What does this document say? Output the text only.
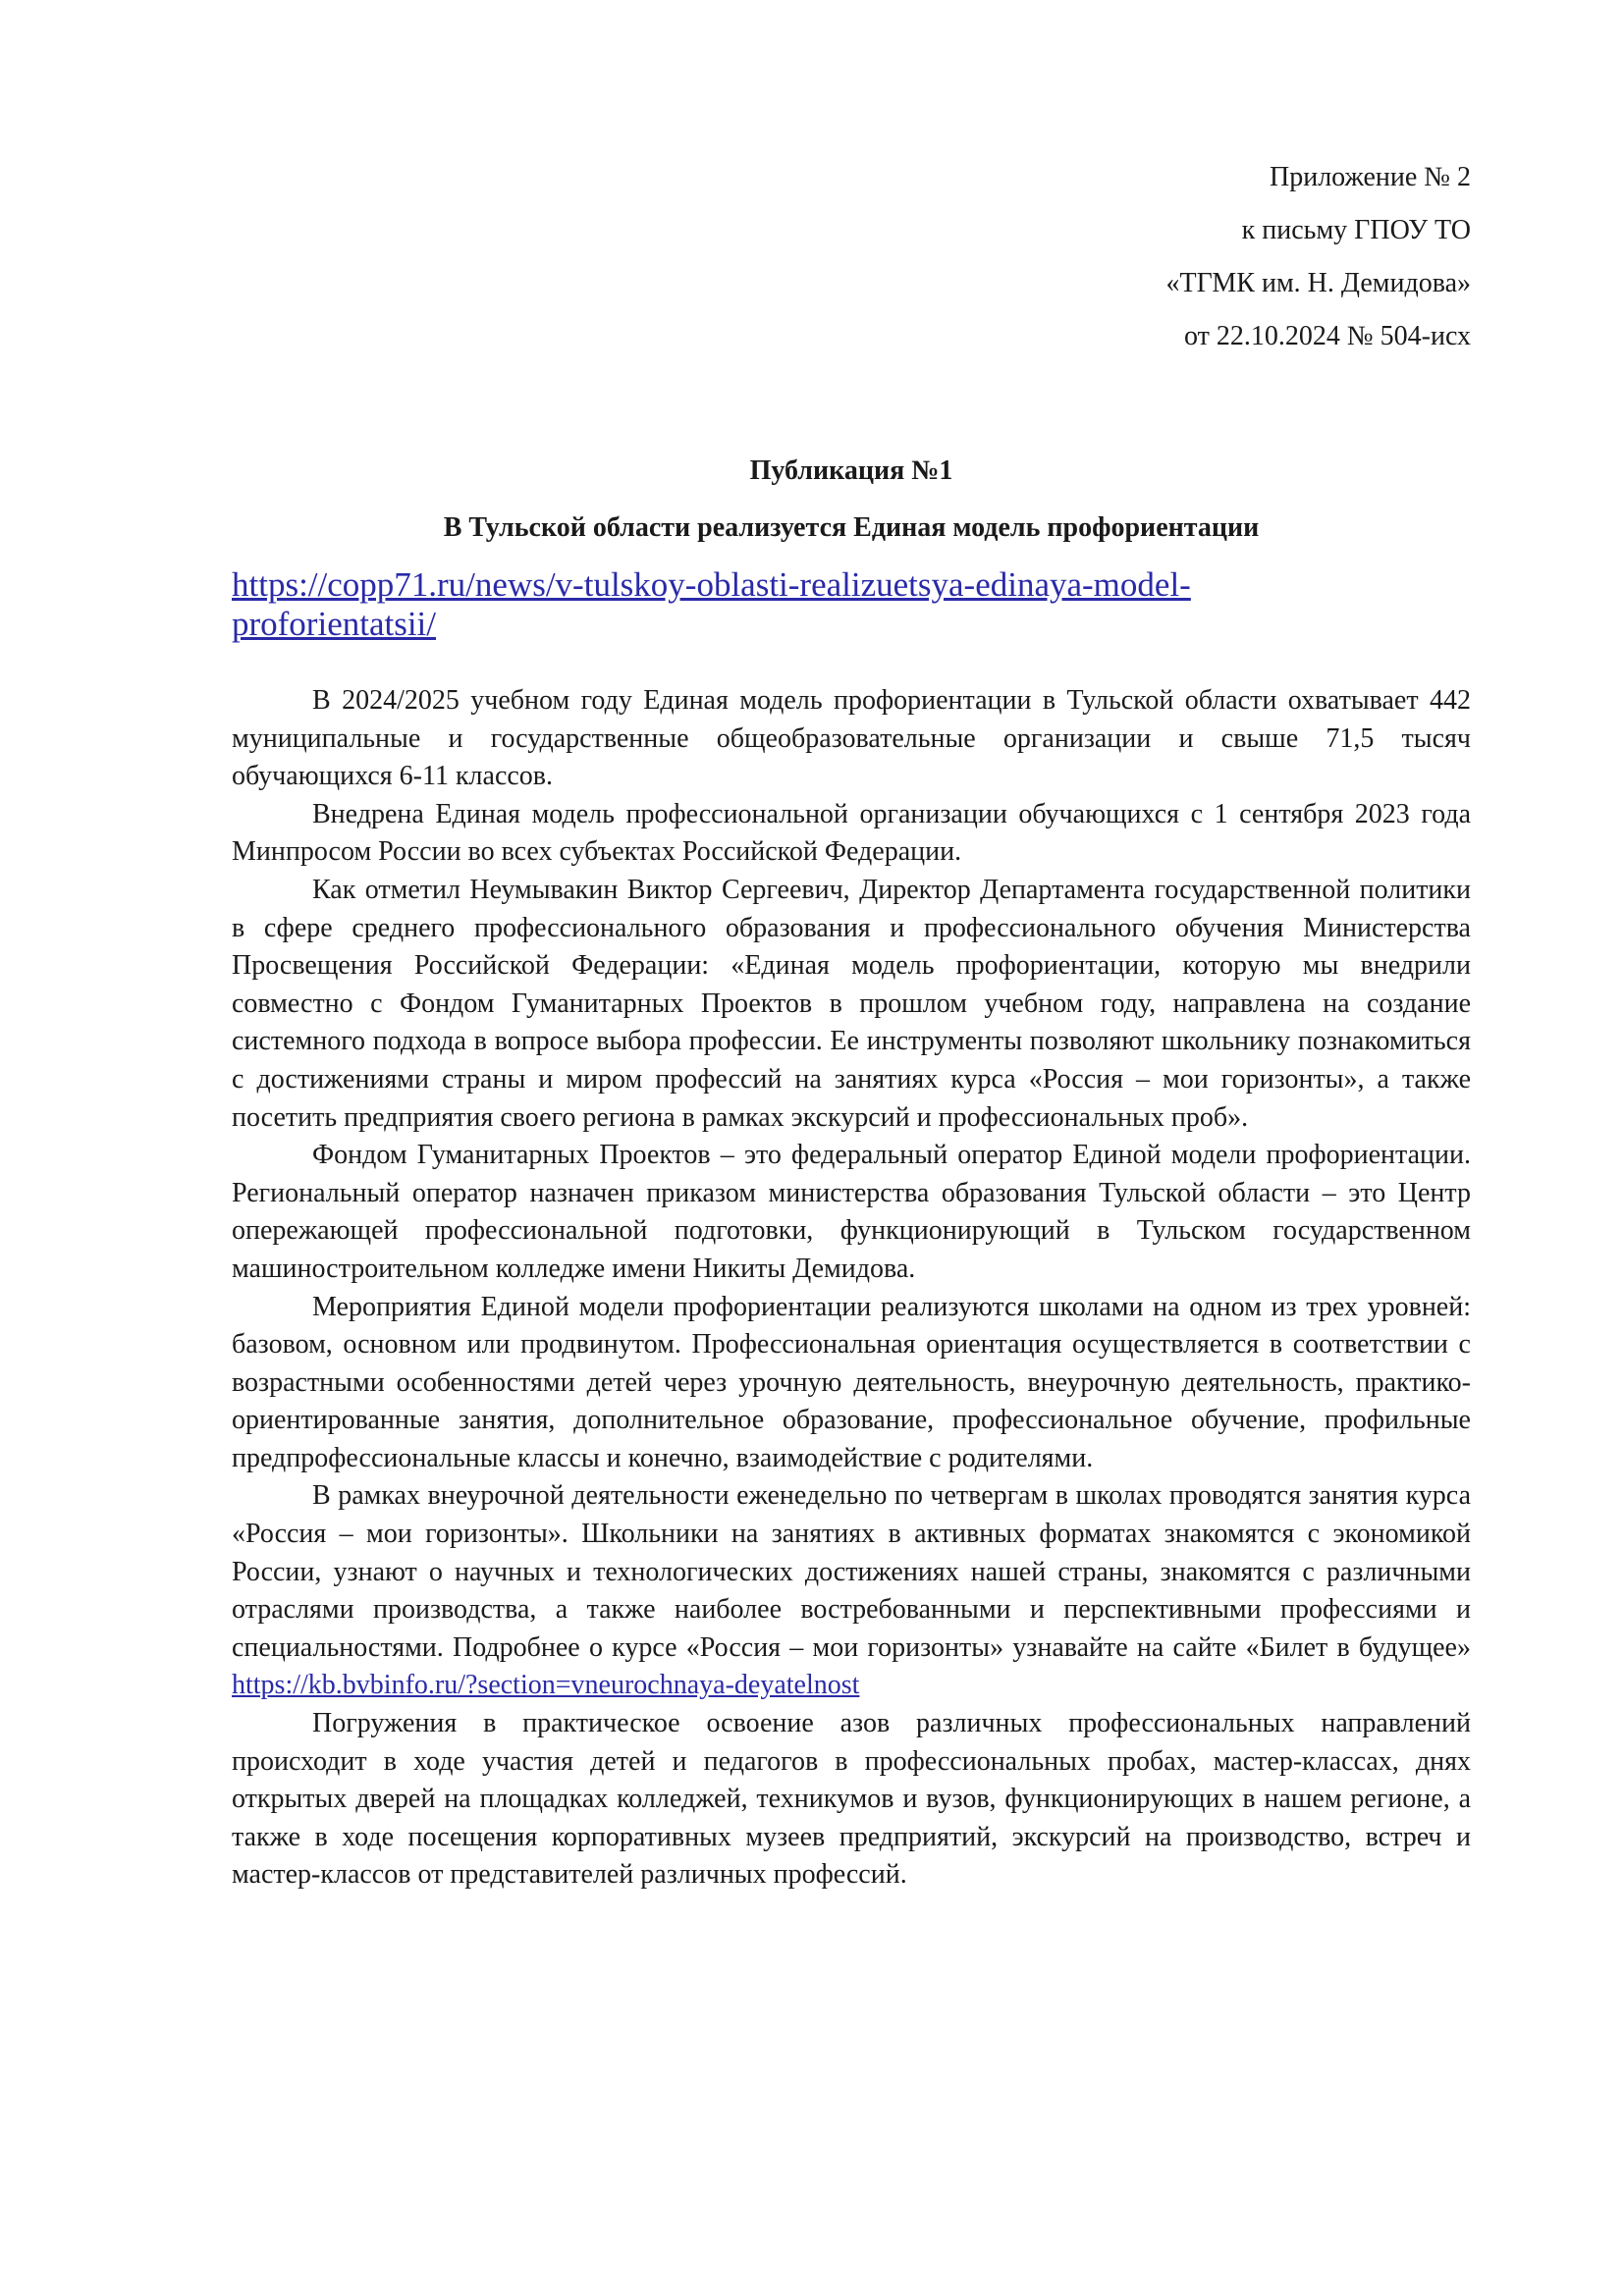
Приложение № 2
к письму ГПОУ ТО
«ТГМК им. Н. Демидова»
от 22.10.2024 № 504-исх
Публикация №1
В Тульской области реализуется Единая модель профориентации
https://copp71.ru/news/v-tulskoy-oblasti-realizuetsya-edinaya-model-
proforientatsii/

В 2024/2025 учебном году Единая модель профориентации в Тульской области охватывает 442 муниципальные и государственные общеобразовательные организации и свыше 71,5 тысяч обучающихся 6-11 классов.

Внедрена Единая модель профессиональной организации обучающихся с 1 сентября 2023 года Минпросом России во всех субъектах Российской Федерации.

Как отметил Неумывакин Виктор Сергеевич, Директор Департамента государственной политики в сфере среднего профессионального образования и профессионального обучения Министерства Просвещения Российской Федерации: «Единая модель профориентации, которую мы внедрили совместно с Фондом Гуманитарных Проектов в прошлом учебном году, направлена на создание системного подхода в вопросе выбора профессии. Ее инструменты позволяют школьнику познакомиться с достижениями страны и миром профессий на занятиях курса «Россия – мои горизонты», а также посетить предприятия своего региона в рамках экскурсий и профессиональных проб».

Фондом Гуманитарных Проектов – это федеральный оператор Единой модели профориентации. Региональный оператор назначен приказом министерства образования Тульской области – это Центр опережающей профессиональной подготовки, функционирующий в Тульском государственном машиностроительном колледже имени Никиты Демидова.

Мероприятия Единой модели профориентации реализуются школами на одном из трех уровней: базовом, основном или продвинутом. Профессиональная ориентация осуществляется в соответствии с возрастными особенностями детей через урочную деятельность, внеурочную деятельность, практико-ориентированные занятия, дополнительное образование, профессиональное обучение, профильные предпрофессиональные классы и конечно, взаимодействие с родителями.

В рамках внеурочной деятельности еженедельно по четвергам в школах проводятся занятия курса «Россия – мои горизонты». Школьники на занятиях в активных форматах знакомятся с экономикой России, узнают о научных и технологических достижениях нашей страны, знакомятся с различными отраслями производства, а также наиболее востребованными и перспективными профессиями и специальностями. Подробнее о курсе «Россия – мои горизонты» узнавайте на сайте «Билет в будущее» https://kb.bvbinfo.ru/?section=vneurochnaya-deyatelnost

Погружения в практическое освоение азов различных профессиональных направлений происходит в ходе участия детей и педагогов в профессиональных пробах, мастер-классах, днях открытых дверей на площадках колледжей, техникумов и вузов, функционирующих в нашем регионе, а также в ходе посещения корпоративных музеев предприятий, экскурсий на производство, встреч и мастер-классов от представителей различных профессий.
